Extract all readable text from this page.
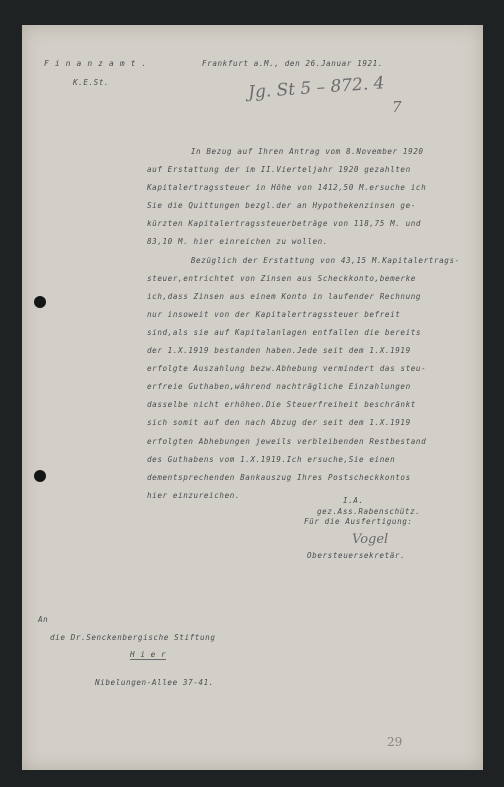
F i n a n z a m t .
K.E.St.
Frankfurt a.M., den 26.Januar 1921.
Jg. St 5 – 872. 4
7
In Bezug auf Ihren Antrag vom 8.November 1920
auf Erstattung der im II.Vierteljahr 1920 gezahlten
Kapitalertragssteuer in Höhe von 1412,50 M.ersuche ich
Sie die Quittungen bezgl.der an Hypothekenzinsen ge-
kürzten Kapitalertragssteuerbeträge von 118,75 M. und
83,10 M. hier einreichen zu wollen.
Bezüglich der Erstattung von 43,15 M.Kapitalertrags-
steuer,entrichtet von Zinsen aus Scheckkonto,bemerke
ich,dass Zinsen aus einem Konto in laufender Rechnung
nur insoweit von der Kapitalertragssteuer befreit
sind,als sie auf Kapitalanlagen entfallen die bereits
der 1.X.1919 bestanden haben.Jede seit dem 1.X.1919
erfolgte Auszahlung bezw.Abhebung vermindert das steu-
erfreie Guthaben,während nachträgliche Einzahlungen
dasselbe nicht erhöhen.Die Steuerfreiheit beschränkt
sich somit auf den nach Abzug der seit dem 1.X.1919
erfolgten Abhebungen jeweils verbleibenden Restbestand
des Guthabens vom 1.X.1919.Ich ersuche,Sie einen
dementsprechenden Bankauszug Ihres Postscheckkontos
hier einzureichen.
I.A.
gez.Ass.Rabenschütz.
Für die Ausfertigung:
Vogel
Obersteuersekretär.
An
die Dr.Senckenbergische Stiftung
H i e r
Nibelungen-Allee 37-41.
29
